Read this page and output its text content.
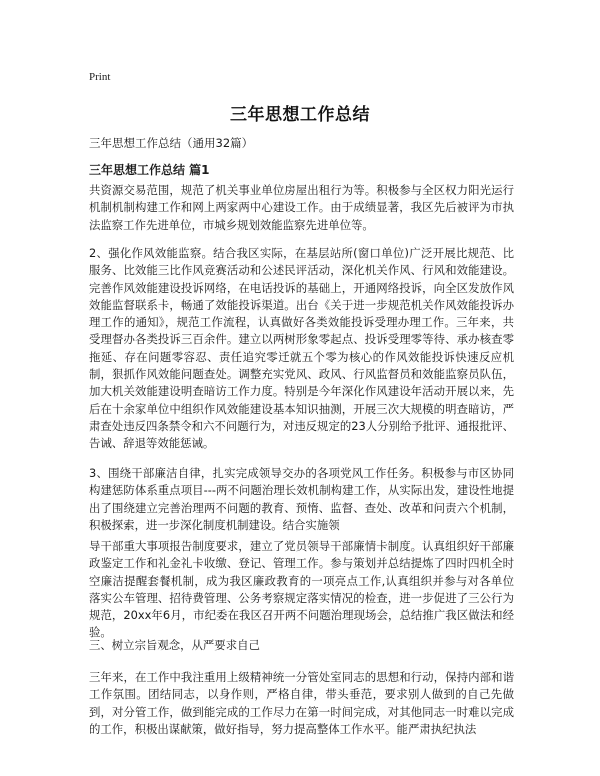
Print
三年思想工作总结
三年思想工作总结（通用32篇）
三年思想工作总结 篇1
共资源交易范围，规范了机关事业单位房屋出租行为等。积极参与全区权力阳光运行机制机制构建工作和网上两家两中心建设工作。由于成绩显著，我区先后被评为市执法监察工作先进单位，市城乡规划效能监察先进单位等。
2、强化作风效能监察。结合我区实际，在基层站所(窗口单位)广泛开展比规范、比服务、比效能三比作风竞赛活动和公述民评活动，深化机关作风、行风和效能建设。完善作风效能建设投诉网络，在电话投诉的基础上，开通网络投诉，向全区发放作风效能监督联系卡，畅通了效能投诉渠道。出台《关于进一步规范机关作风效能投诉办理工作的通知》，规范工作流程，认真做好各类效能投诉受理办理工作。三年来，共受理督办各类投诉三百余件。建立以两树形象零起点、投诉受理零等待、承办核查零拖延、存在问题零容忍、责任追究零迁就五个零为核心的作风效能投诉快速反应机制，狠抓作风效能问题查处。调整充实党风、政风、行风监督员和效能监察员队伍，加大机关效能建设明查暗访工作力度。特别是今年深化作风建设年活动开展以来，先后在十余家单位中组织作风效能建设基本知识抽测，开展三次大规模的明查暗访，严肃查处违反四条禁令和六不问题行为，对违反规定的23人分别给予批评、通报批评、告诫、辞退等效能惩诫。
3、围绕干部廉洁自律，扎实完成领导交办的各项党风工作任务。积极参与市区协同构建惩防体系重点项目---两不问题治理长效机制构建工作，从实际出发，建设性地提出了围绕建立完善治理两不问题的教育、预惰、监督、查处、改革和问责六个机制，积极探索，进一步深化制度机制建设。结合实施领
导干部重大事项报告制度要求，建立了党员领导干部廉情卡制度。认真组织好干部廉政鉴定工作和礼金礼卡收缴、登记、管理工作。参与策划并总结提炼了四时四机全时空廉洁提醒套餐机制，成为我区廉政教育的一项亮点工作,认真组织并参与对各单位落实公车管理、招待费管理、公务考察规定落实情况的检查，进一步促进了三公行为规范，20xx年6月，市纪委在我区召开两不问题治理现场会，总结推广我区做法和经验。
三、树立宗旨观念，从严要求自己
三年来，在工作中我注重用上级精神统一分管处室同志的思想和行动，保持内部和谐工作氛围。团结同志，以身作则，严格自律，带头垂范，要求别人做到的自己先做到，对分管工作，做到能完成的工作尽力在第一时间完成，对其他同志一时难以完成的工作，积极出谋献策，做好指导，努力提高整体工作水平。能严肃执纪执法
